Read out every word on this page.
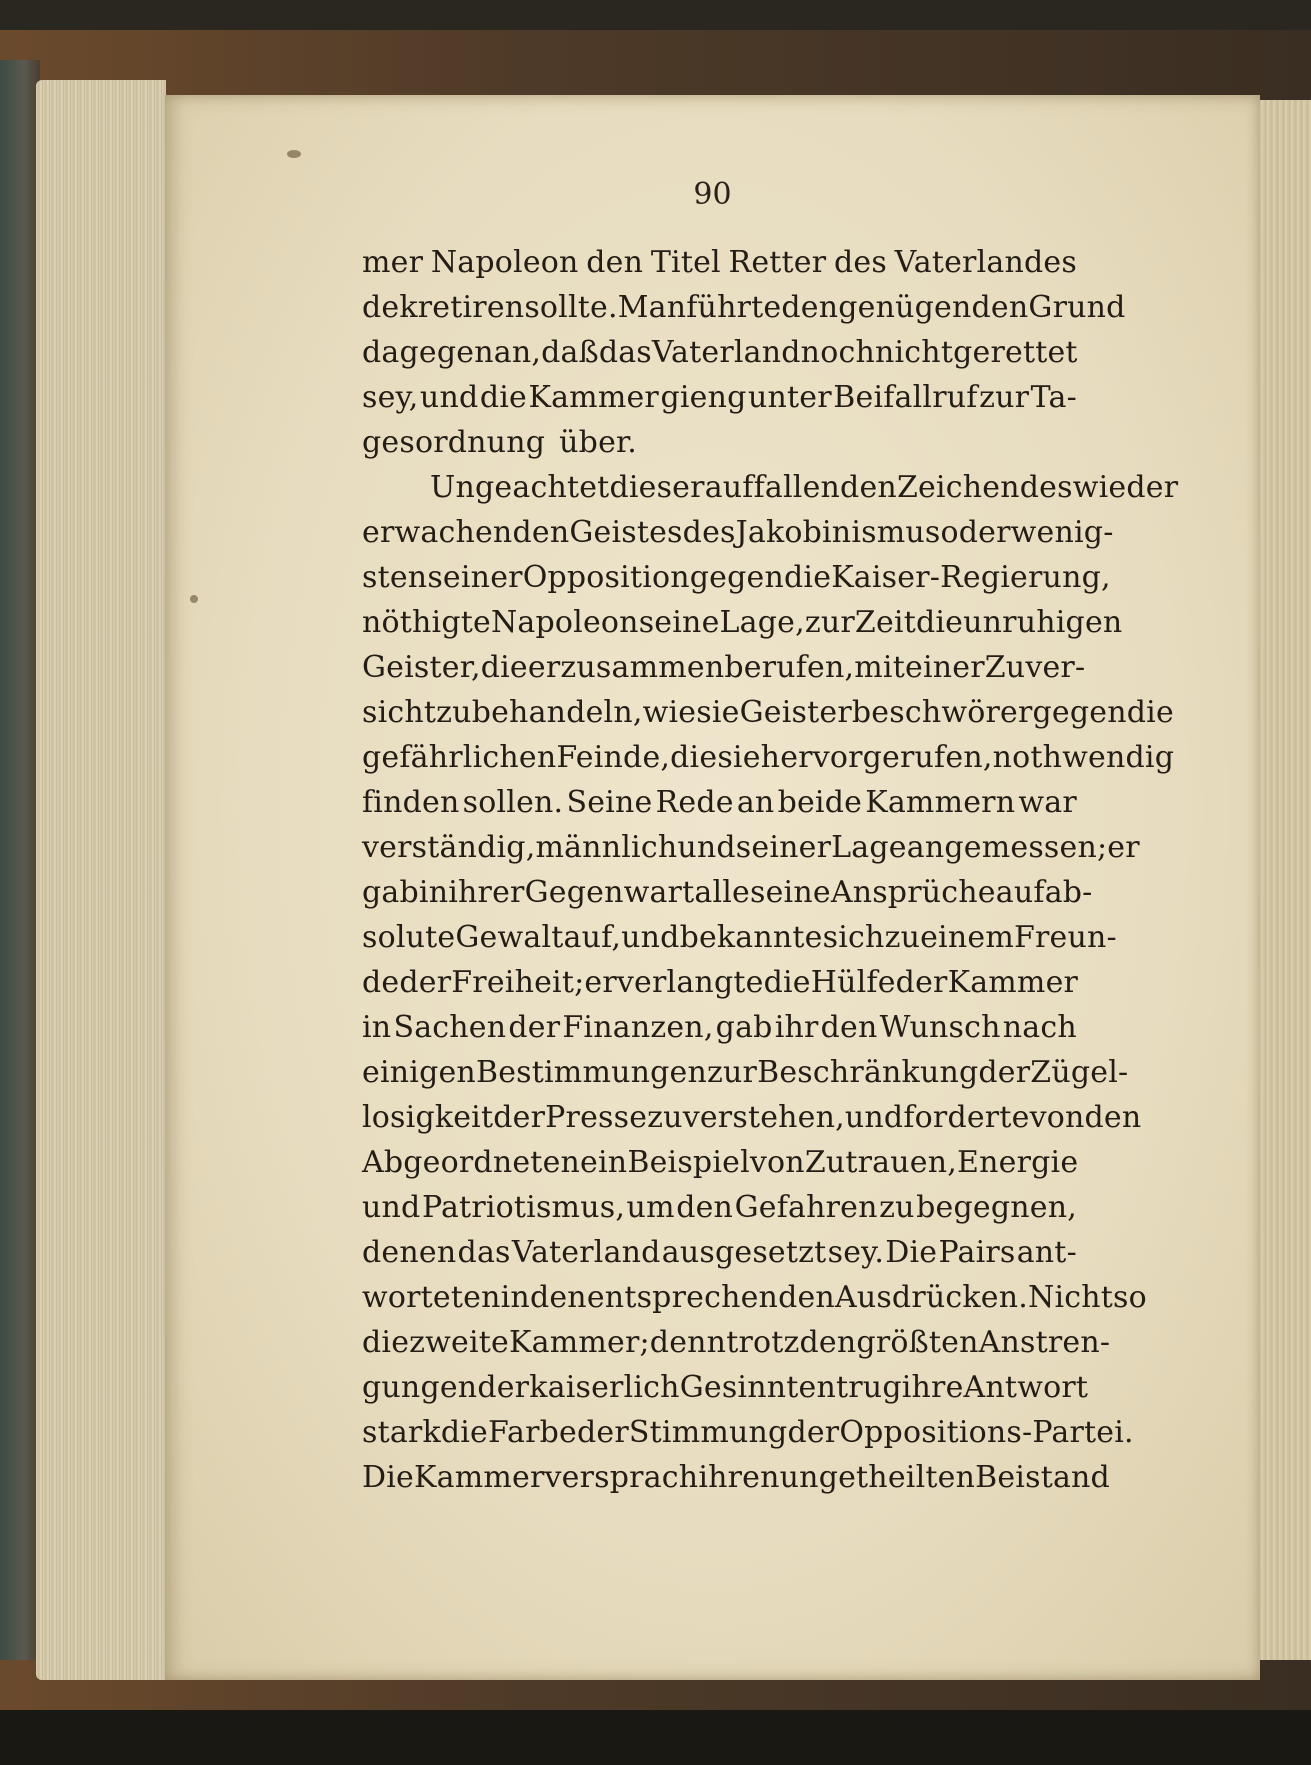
90
mer Napoleon den Titel Retter des Vaterlandes
dekretiren sollte. Man führte den genügenden Grund
dagegen an, daß das Vaterland noch nicht gerettet
sey, und die Kammer gieng unter Beifallruf zur Ta-
gesordnung über.
Ungeachtet dieser auffallenden Zeichen des wieder
erwachenden Geistes des Jakobinismus oder wenig-
stens einer Opposition gegen die Kaiser-Regierung,
nöthigte Napoleon seine Lage, zur Zeit die unruhigen
Geister, die er zusammenberufen, mit einer Zuver-
sicht zu behandeln, wie sie Geisterbeschwörer gegen die
gefährlichen Feinde, die sie hervorgerufen, nothwendig
finden sollen. Seine Rede an beide Kammern war
verständig, männlich und seiner Lage angemessen; er
gab in ihrer Gegenwart alle seine Ansprüche auf ab-
solute Gewalt auf, und bekannte sich zu einem Freun-
de der Freiheit; er verlangte die Hülfe der Kammer
in Sachen der Finanzen, gab ihr den Wunsch nach
einigen Bestimmungen zur Beschränkung der Zügel-
losigkeit der Presse zu verstehen, und forderte von den
Abgeordneten ein Beispiel von Zutrauen, Energie
und Patriotismus, um den Gefahren zu begegnen,
denen das Vaterland ausgesetzt sey. Die Pairs ant-
worteten in den entsprechenden Ausdrücken. Nicht so
die zweite Kammer; denn trotz den größten Anstren-
gungen der kaiserlich Gesinnten trug ihre Antwort
stark die Farbe der Stimmung der Oppositions-Partei.
Die Kammer versprach ihren ungetheilten Beistand
